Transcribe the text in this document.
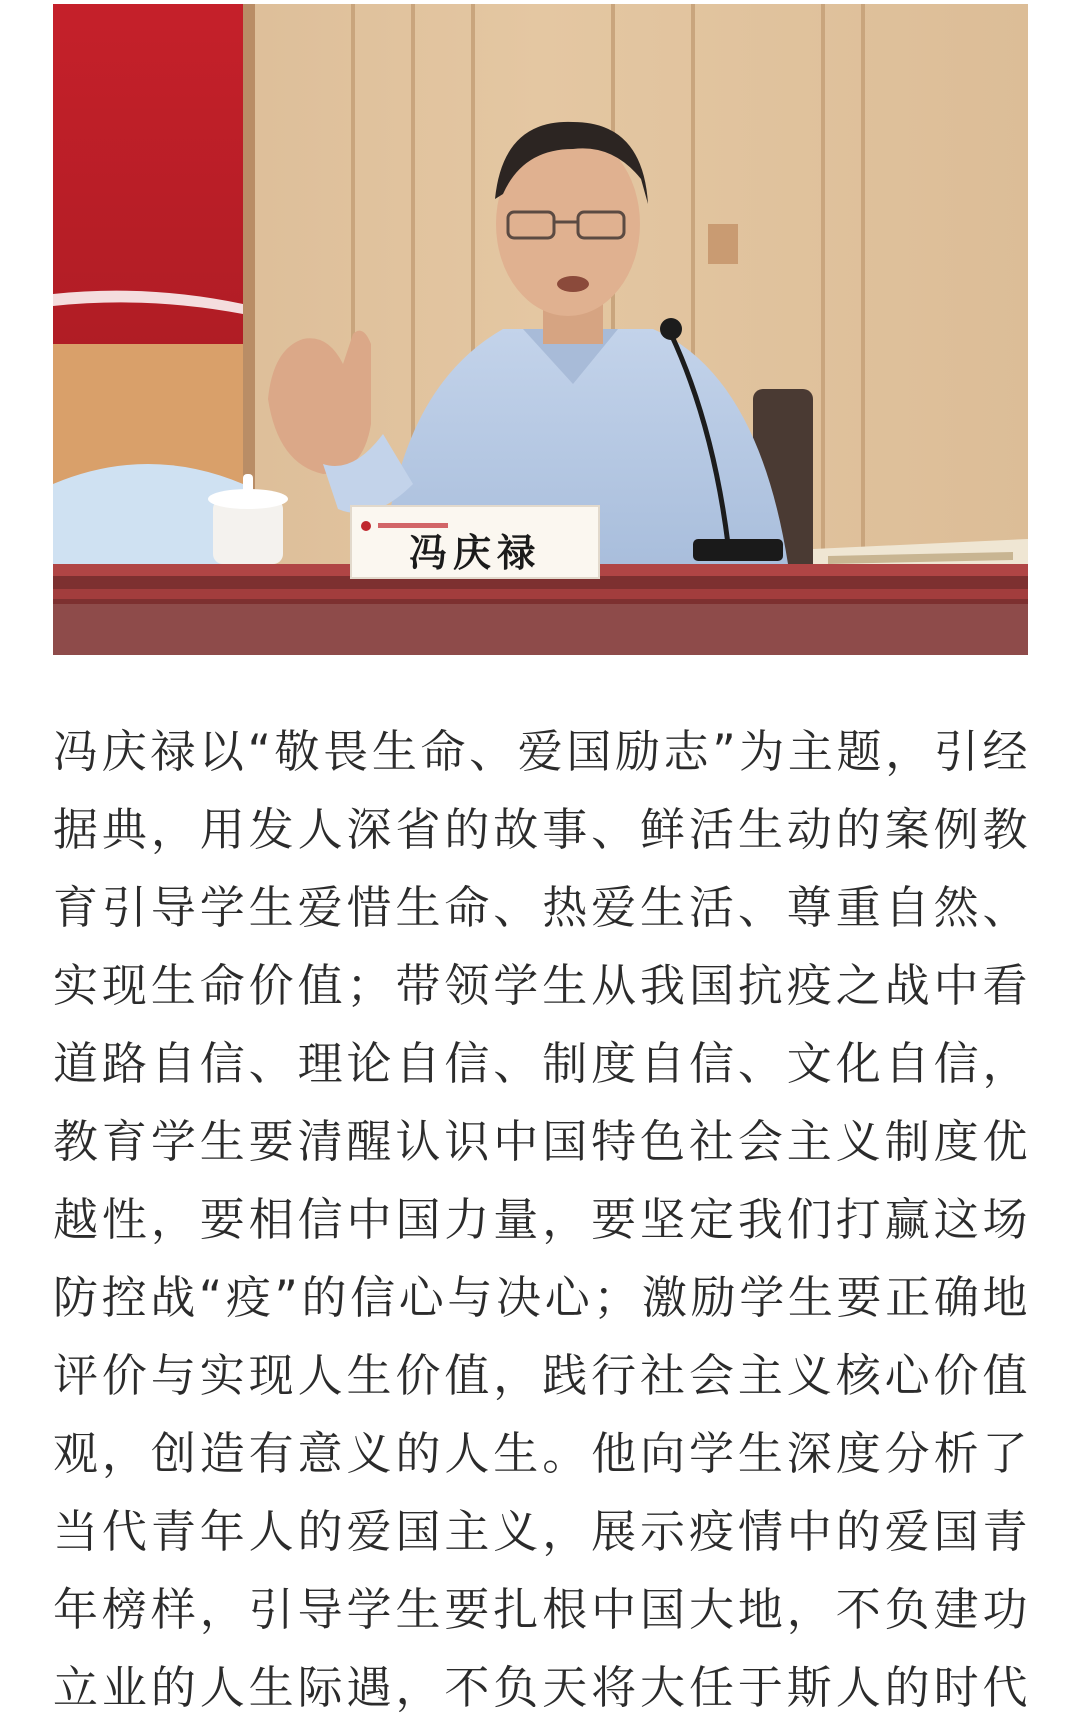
冯庆禄
冯庆禄以“敬畏生命、爱国励志”为主题，引经
据典，用发人深省的故事、鲜活生动的案例教
育引导学生爱惜生命、热爱生活、尊重自然、
实现生命价值；带领学生从我国抗疫之战中看
道路自信、理论自信、制度自信、文化自信，
教育学生要清醒认识中国特色社会主义制度优
越性，要相信中国力量，要坚定我们打赢这场
防控战“疫”的信心与决心；激励学生要正确地
评价与实现人生价值，践行社会主义核心价值
观，创造有意义的人生。他向学生深度分析了
当代青年人的爱国主义，展示疫情中的爱国青
年榜样，引导学生要扎根中国大地，不负建功
立业的人生际遇，不负天将大任于斯人的时代
